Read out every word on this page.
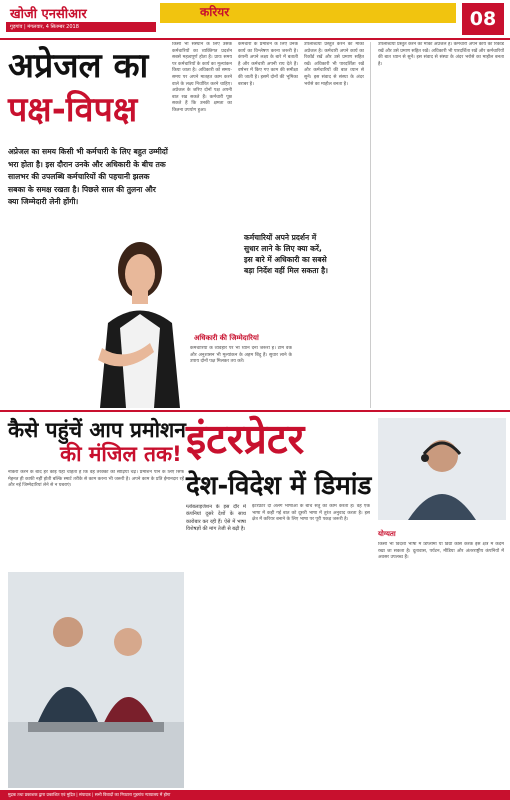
खोजी एनसीआर
गुड़गांव | मंगलवार, 4 सितम्बर 2018
करियर	08
अप्रेजल का
पक्ष-विपक्ष
अप्रेजल का समय किसी भी कर्मचारी के लिए बहुत उम्मीदों भरा होता है। इस दौरान उनके और अधिकारी के बीच तक सालभर की उपलब्धि कर्मचारियों की पहचानी झलक सबका के समक्ष रखता है। पिछले साल की तुलना और क्या जिम्मेदारी लेनी होंगी।
किसी भी संस्थान के लिए उसके कर्मचारियों का व्यक्तिगत प्रदर्शन सबसे महत्वपूर्ण होता है। प्रायः समय पर कर्मचारियों के कार्य का मूल्यांकन किया जाता है। अधिकारी को समय-समय पर अपने मातहत काम करने वाले के लक्ष्य निर्धारित करने चाहिए। अप्रेजल के जरिए दोनों पक्ष अपनी बात रख सकते हैं। कर्मचारी पूछ सकते हैं कि उनकी क्षमता का कितना उपयोग हुआ।
कर्मचारी के प्रमोशन के लिए उनके कार्य का विश्लेषण करना जरूरी है। कंपनी अपने लक्ष्य के बारे में बताती है और कर्मचारी अपनी राय देते हैं। वर्षभर में किए गए काम की समीक्षा की जाती है। इसमें दोनों की भूमिका बराबर है।
उपलब्धियां प्रस्तुत करने का मौका अप्रेजल है। कर्मचारी अपने कार्य का रिकॉर्ड रखें और उसे प्रमाण सहित रखें। अधिकारी भी पारदर्शिता रखें और कर्मचारियों की बात ध्यान से सुनें। इस संवाद से संस्था के अंदर भरोसे का माहौल बनता है।
कर्मचारियों अपने प्रदर्शन में सुधार लाने के लिए क्या करें, इस बारे में अधिकारी का सबसे बड़ा निर्देश वहीं मिल सकता है।
अधिकारी की जिम्मेदारियां
कर्मचारियों के व्यवहार पर भी ध्यान देना जरूरी है। टीम वर्क और अनुशासन भी मूल्यांकन के अहम बिंदु हैं। सुधार लाने के उपाय दोनों पक्ष मिलकर तय करें।
उपलब्धियां प्रस्तुत करने का मौका अप्रेजल है। कर्मचारी अपने कार्य का रिकॉर्ड रखें और उसे प्रमाण सहित रखें। अधिकारी भी पारदर्शिता रखें और कर्मचारियों की बात ध्यान से सुनें। इस संवाद से संस्था के अंदर भरोसे का माहौल बनता है।
कैसे पहुंचें आप प्रमोशन
की मंजिल तक!
नौकरी करने के बाद हर कोई यही चाहता है कि वह तरक्की की सीढ़ियां चढ़े। प्रमोशन पाने के लिए सिर्फ मेहनत ही काफी नहीं होती बल्कि स्मार्ट तरीके से काम करना भी जरूरी है। अपने काम के प्रति ईमानदार रहें और नई जिम्मेदारियां लेने से न घबराएं।
इंटरप्रेटर
देश-विदेश में डिमांड
ग्लोबलाइजेशन के इस दौर में कंपनियां दूसरे देशों के साथ कारोबार कर रही हैं। ऐसे में भाषा विशेषज्ञों की मांग तेजी से बढ़ी है।
इंटरप्रेटर दो अलग भाषाओं के बीच सेतु का काम करता है। वह एक भाषा में कही गई बात को दूसरी भाषा में तुरंत अनुवाद करता है। इस क्षेत्र में करियर बनाने के लिए भाषा पर पूरी पकड़ जरूरी है।
योग्यता
किसी भी विदेशी भाषा में डिप्लोमा या डिग्री कोर्स करके इस क्षेत्र में कदम रखा जा सकता है। दूतावास, पर्यटन, मीडिया और अंतरराष्ट्रीय कंपनियों में अवसर उपलब्ध हैं।
मुद्रक तथा प्रकाशक द्वारा प्रकाशित एवं मुद्रित | संपादक | सभी विवादों का निपटारा गुड़गांव न्यायालय में होगा
